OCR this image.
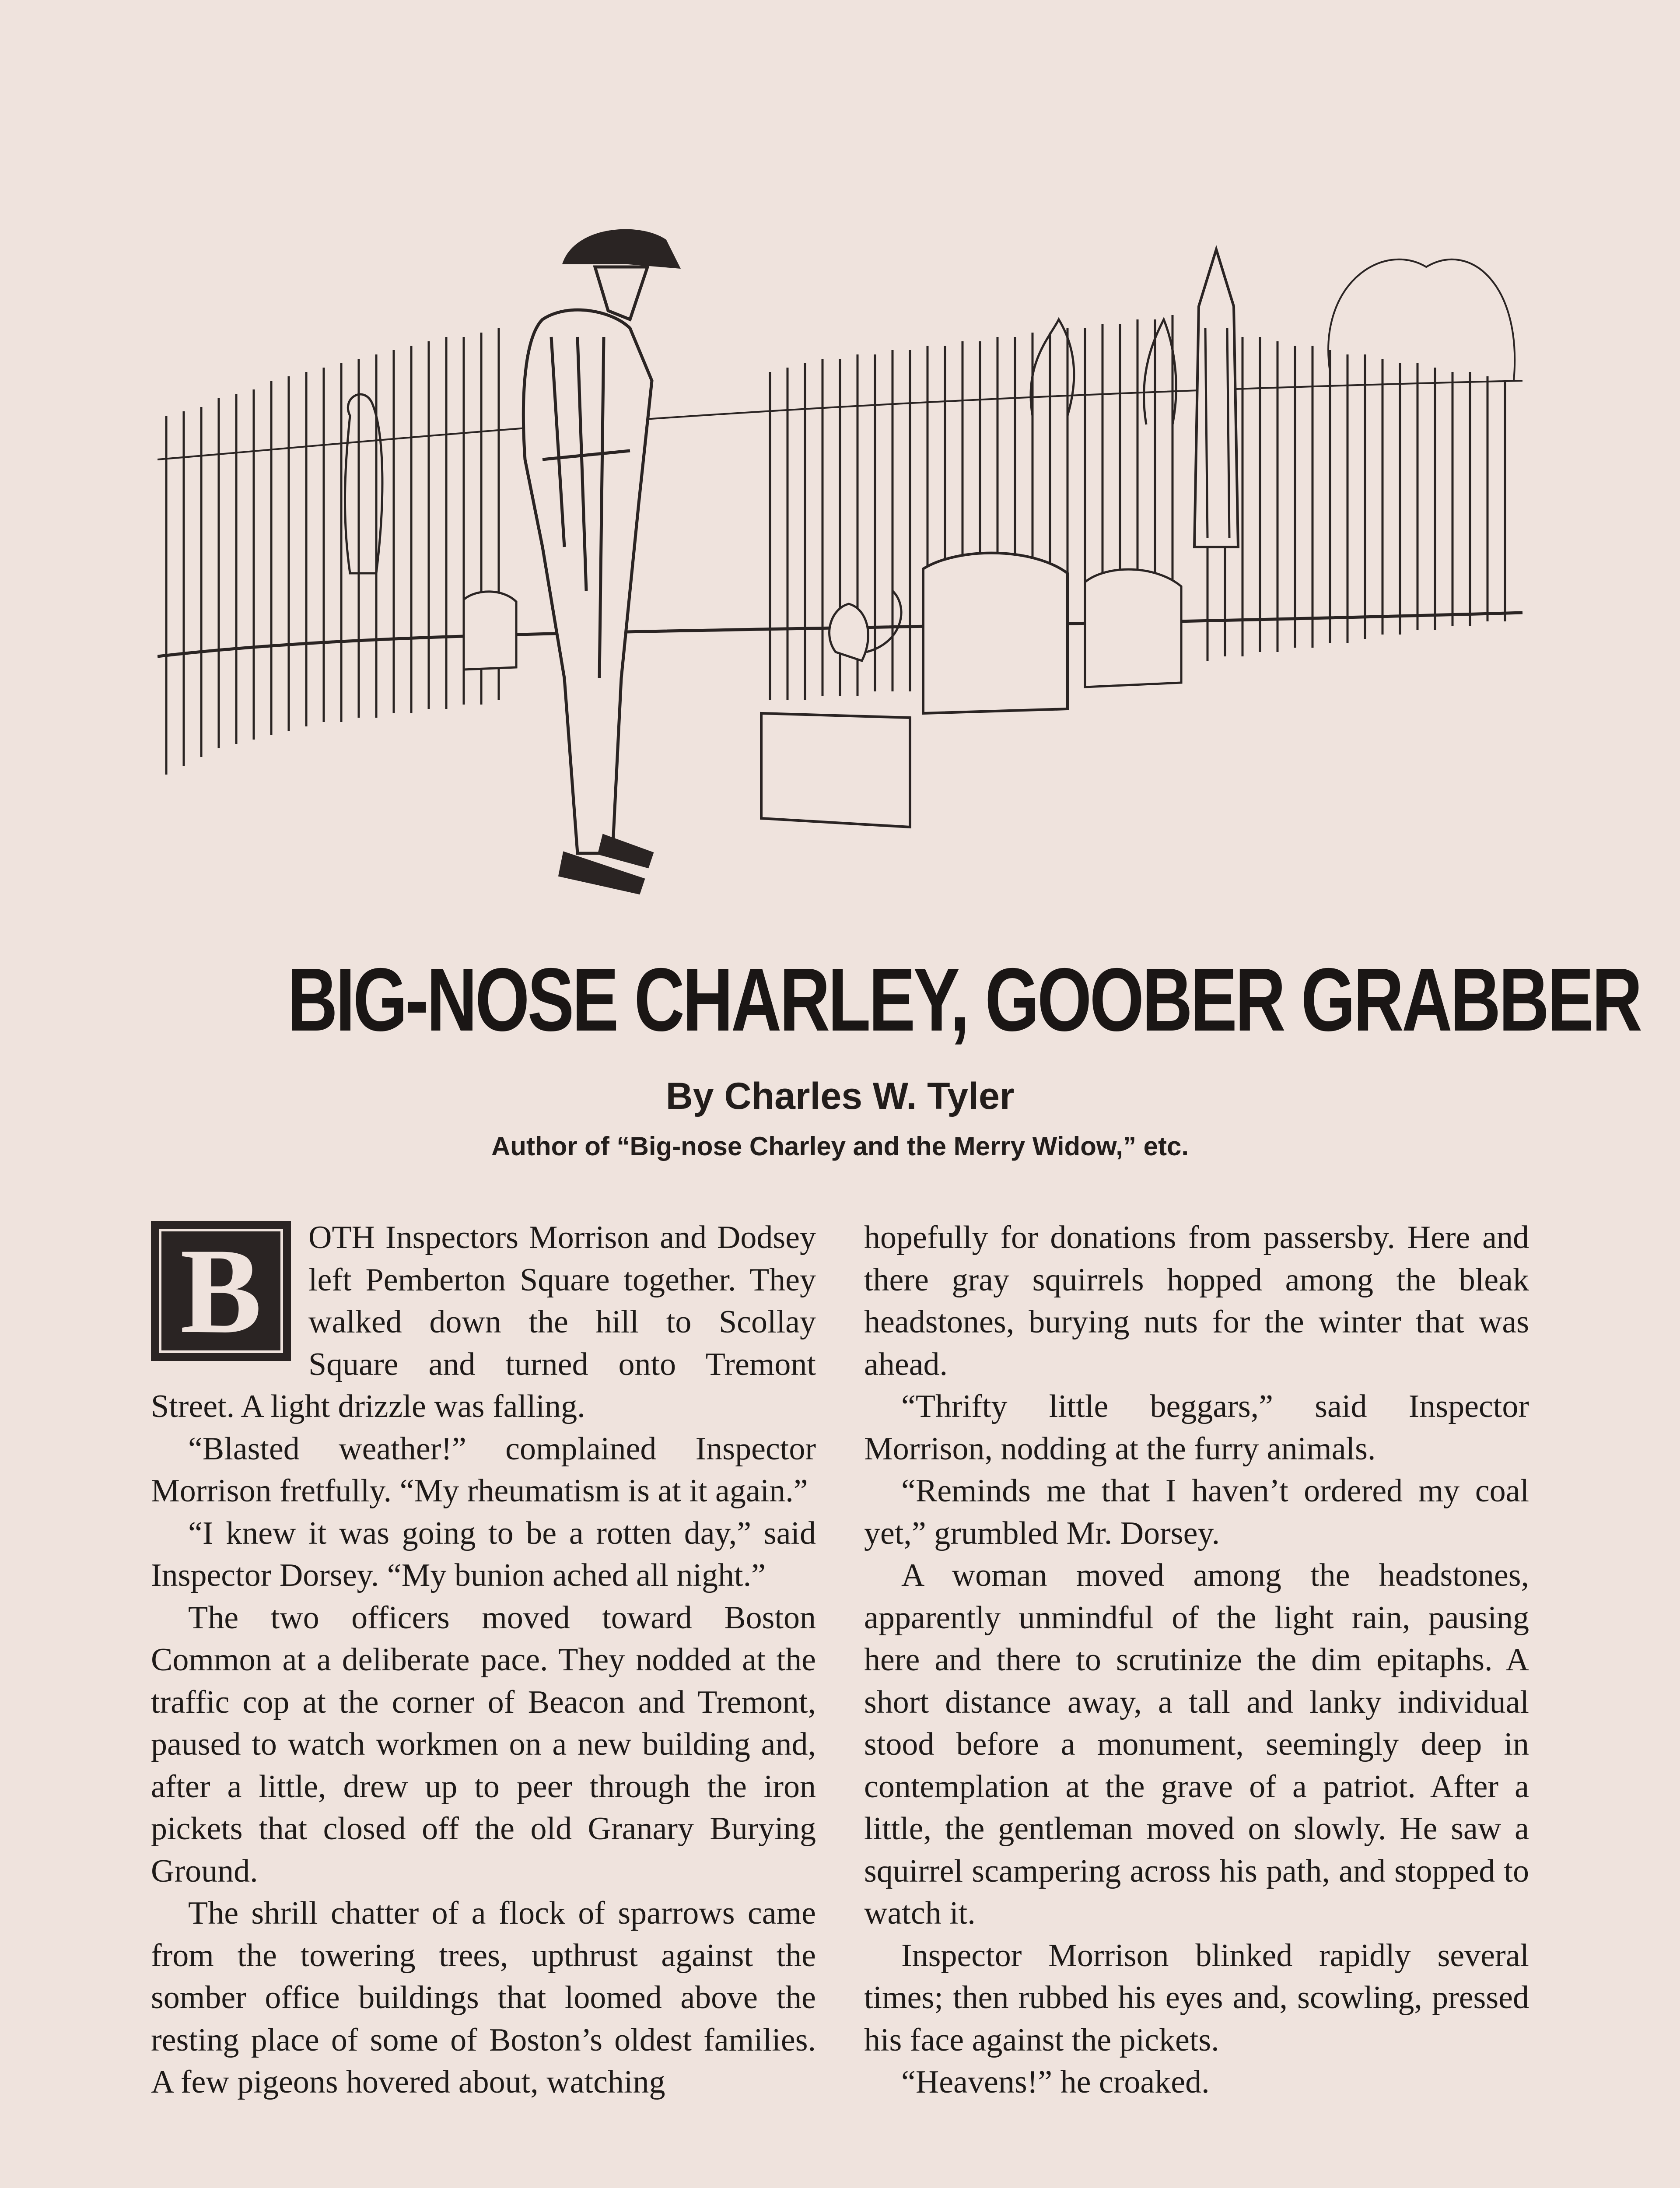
BIG-NOSE CHARLEY, GOOBER GRABBER
By Charles W. Tyler
Author of “Big-nose Charley and the Merry Widow,” etc.
B	OTH Inspectors Morrison and Dodsey left Pemberton Square together. They walked down the hill to Scollay Square and turned onto Tremont Street. A light drizzle was falling.

“Blasted weather!” complained Inspector Morrison fretfully. “My rheumatism is at it again.”

“I knew it was going to be a rotten day,” said Inspector Dorsey. “My bunion ached all night.”

The two officers moved toward Boston Common at a deliberate pace. They nodded at the traffic cop at the corner of Beacon and Tremont, paused to watch workmen on a new building and, after a little, drew up to peer through the iron pickets that closed off the old Granary Burying Ground.

The shrill chatter of a flock of sparrows came from the towering trees, upthrust against the somber office buildings that loomed above the resting place of some of Boston’s oldest families. A few pigeons hovered about, watching

hopefully for donations from passersby. Here and there gray squirrels hopped among the bleak headstones, burying nuts for the winter that was ahead.

“Thrifty little beggars,” said Inspector Morrison, nodding at the furry animals.

“Reminds me that I haven’t ordered my coal yet,” grumbled Mr. Dorsey.

A woman moved among the headstones, apparently unmindful of the light rain, pausing here and there to scrutinize the dim epitaphs. A short distance away, a tall and lanky individual stood before a monument, seemingly deep in contemplation at the grave of a patriot. After a little, the gentleman moved on slowly. He saw a squirrel scampering across his path, and stopped to watch it.

Inspector Morrison blinked rapidly several times; then rubbed his eyes and, scowling, pressed his face against the pickets.

“Heavens!” he croaked.
